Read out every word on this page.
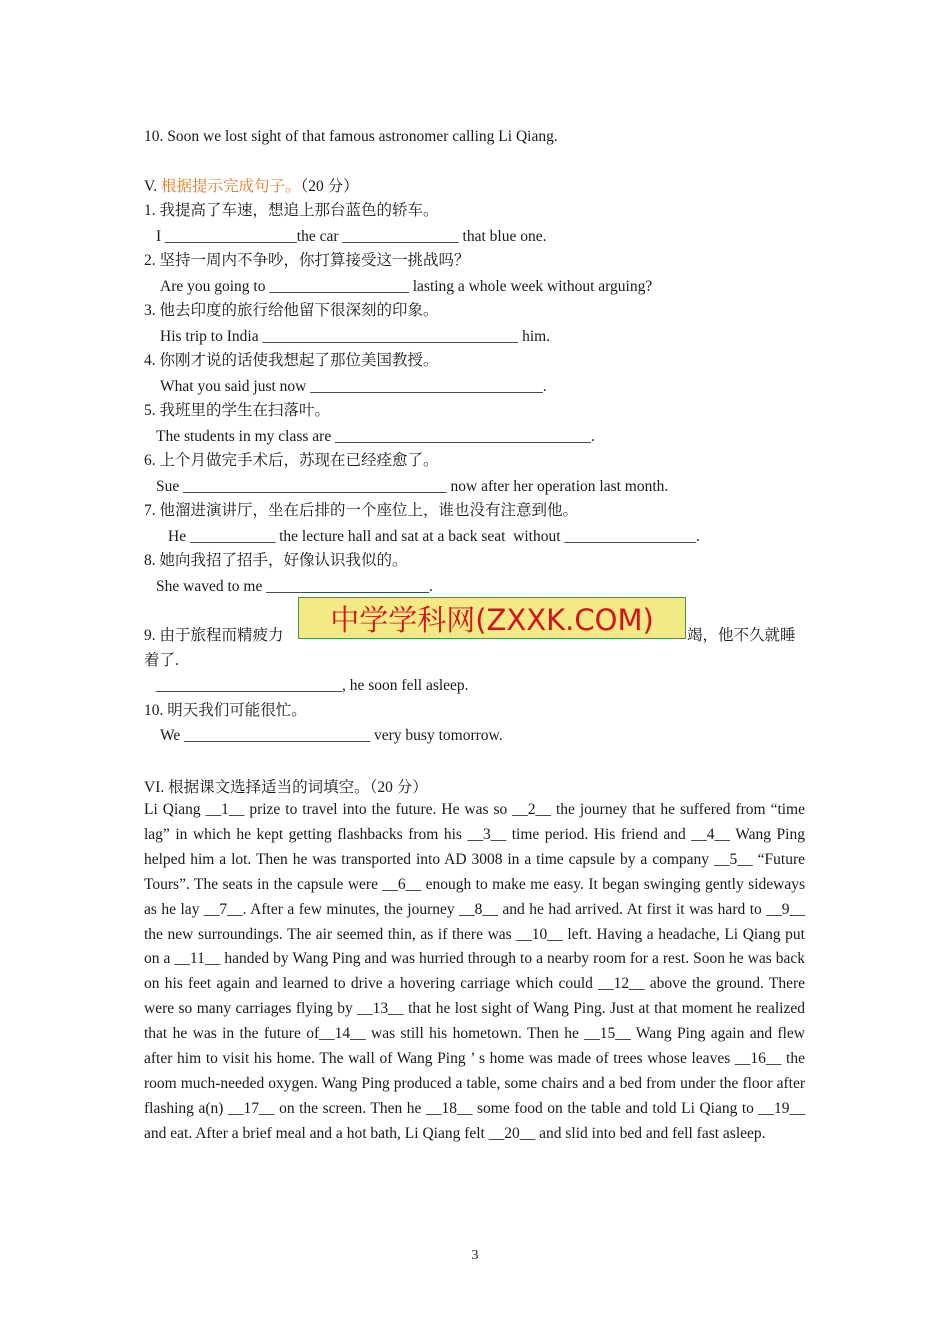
10. Soon we lost sight of that famous astronomer calling Li Qiang.
V. 根据提示完成句子。（20 分）
1. 我提高了车速，想追上那台蓝色的轿车。
I _________________the car _______________ that blue one.
2. 坚持一周内不争吵，你打算接受这一挑战吗？
Are you going to __________________ lasting a whole week without arguing?
3. 他去印度的旅行给他留下很深刻的印象。
His trip to India _________________________________ him.
4. 你刚才说的话使我想起了那位美国教授。
What you said just now ______________________________.
5. 我班里的学生在扫落叶。
The students in my class are _________________________________.
6. 上个月做完手术后，苏现在已经痊愈了。
Sue __________________________________ now after her operation last month.
7. 他溜进演讲厅，坐在后排的一个座位上，谁也没有注意到他。
He ___________ the lecture hall and sat at a back seat  without _________________.
8. 她向我招了招手，好像认识我似的。
She waved to me _____________________.
9. 由于旅程而精疲力	竭，他不久就睡
着了.
________________________, he soon fell asleep.
10. 明天我们可能很忙。
We ________________________ very busy tomorrow.
VI. 根据课文选择适当的词填空。（20 分）
中学学科网(ZXXK.COM)
Li Qiang __1__ prize to travel into the future. He was so __2__ the journey that he suffered from “time lag” in which he kept getting flashbacks from his __3__ time period. His friend and __4__ Wang Ping helped him a lot. Then he was transported into AD 3008 in a time capsule by a company __5__ “Future Tours”. The seats in the capsule were __6__ enough to make me easy. It began swinging gently sideways as he lay __7__. After a few minutes, the journey __8__ and he had arrived. At first it was hard to __9__ the new surroundings. The air seemed thin, as if there was __10__ left. Having a headache, Li Qiang put on a __11__ handed by Wang Ping and was hurried through to a nearby room for a rest. Soon he was back on his feet again and learned to drive a hovering carriage which could __12__ above the ground. There were so many carriages flying by __13__ that he lost sight of Wang Ping. Just at that moment he realized that he was in the future of__14__ was still his hometown. Then he __15__ Wang Ping again and flew after him to visit his home. The wall of Wang Ping ’ s home was made of trees whose leaves __16__ the room much-needed oxygen. Wang Ping produced a table, some chairs and a bed from under the floor after flashing a(n) __17__ on the screen. Then he __18__ some food on the table and told Li Qiang to __19__ and eat. After a brief meal and a hot bath, Li Qiang felt __20__ and slid into bed and fell fast asleep.
3
